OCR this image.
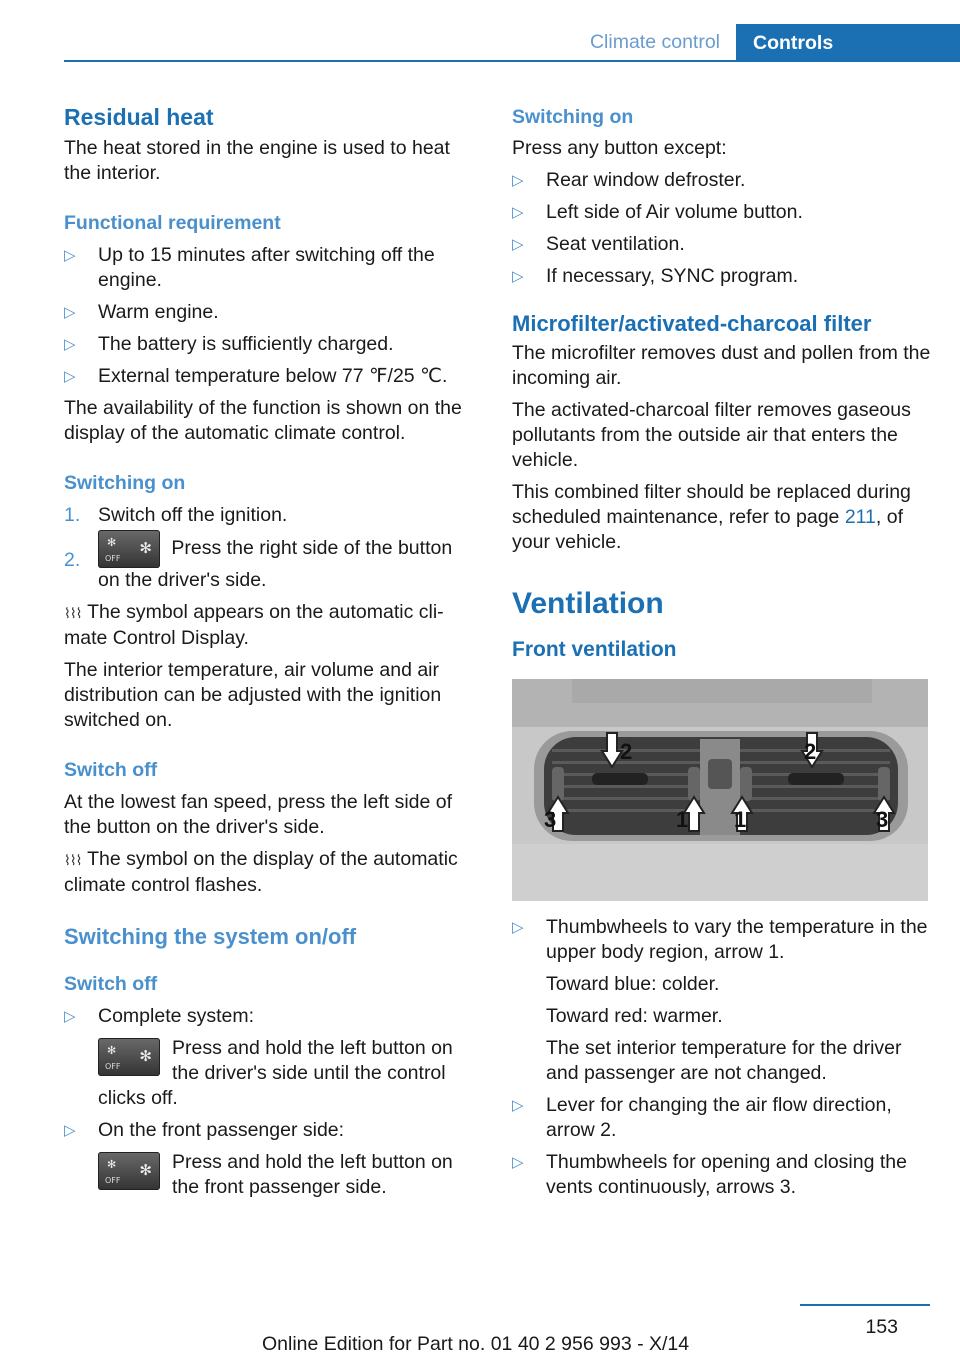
Climate control	Controls
Residual heat

The heat stored in the engine is used to heat the interior.

Functional requirement
▷ Up to 15 minutes after switching off the engine.
▷ Warm engine.
▷ The battery is sufficiently charged.
▷ External temperature below 77 ℉/25 ℃.

The availability of the function is shown on the display of the automatic climate control.

Switching on
1. Switch off the ignition.
2.
✻
OFF
✻ Press the right side of the button on the driver's side.

⌇⌇⌇ The symbol appears on the automatic cli-mate Control Display.

The interior temperature, air volume and air distribution can be adjusted with the ignition switched on.

Switch off

At the lowest fan speed, press the left side of the button on the driver's side.

⌇⌇⌇ The symbol on the display of the automatic climate control flashes.

Switching the system on/off
Switch off
▷ Complete system:
✻
OFF
✻ Press and hold the left button on the driver's side until the control
clicks off.
▷ On the front passenger side:
✻
OFF
✻ Press and hold the left button on the front passenger side.
Switching on

Press any button except:

▷ Rear window defroster.
▷ Left side of Air volume button.
▷ Seat ventilation.
▷ If necessary, SYNC program.
Microfilter/activated-charcoal filter

The microfilter removes dust and pollen from the incoming air.

The activated-charcoal filter removes gaseous pollutants from the outside air that enters the vehicle.

This combined filter should be replaced during scheduled maintenance, refer to page 211, of your vehicle.

Ventilation
Front ventilation
2	2
3	1 1	3
▷ Thumbwheels to vary the temperature in the upper body region, arrow 1.
Toward blue: colder.
Toward red: warmer.
The set interior temperature for the driver and passenger are not changed.
▷ Lever for changing the air flow direction, arrow 2.
▷ Thumbwheels for opening and closing the vents continuously, arrows 3.
153
Online Edition for Part no. 01 40 2 956 993 - X/14
